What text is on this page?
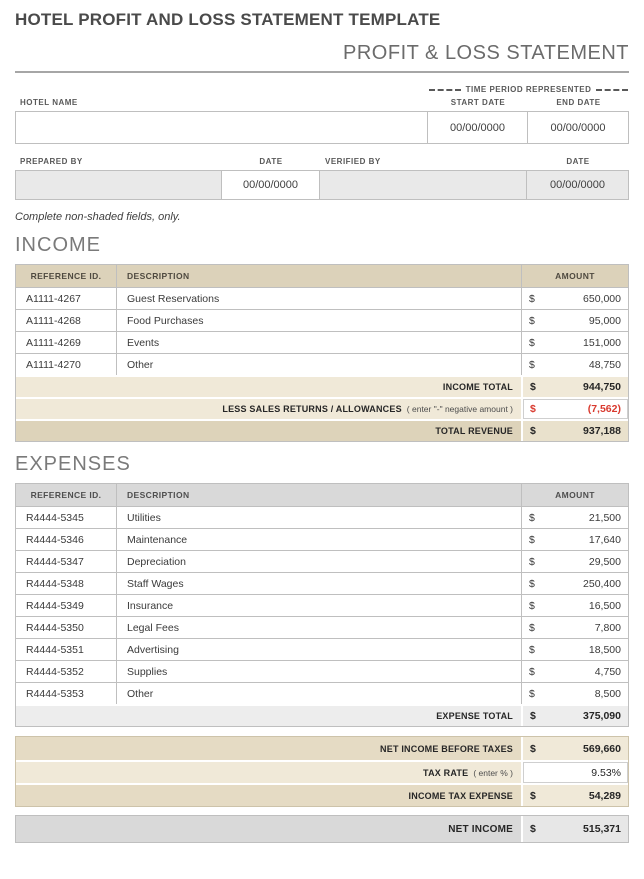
HOTEL PROFIT AND LOSS STATEMENT TEMPLATE
PROFIT & LOSS STATEMENT
HOTEL NAME
TIME PERIOD REPRESENTED
START DATE	END DATE
00/00/0000	00/00/0000
PREPARED BY	DATE	VERIFIED BY	DATE
00/00/0000	00/00/0000
Complete non-shaded fields, only.
INCOME
REFERENCE ID.	DESCRIPTION	AMOUNT
A1111-4267	Guest Reservations	$	650,000
A1111-4268	Food Purchases	$	95,000
A1111-4269	Events	$	151,000
A1111-4270	Other	$	48,750
INCOME TOTAL	$	944,750
LESS SALES RETURNS / ALLOWANCES ( enter "-" negative amount ) $	(7,562)
TOTAL REVENUE	$	937,188
EXPENSES
REFERENCE ID.	DESCRIPTION	AMOUNT
R4444-5345	Utilities	$	21,500
R4444-5346	Maintenance	$	17,640
R4444-5347	Depreciation	$	29,500
R4444-5348	Staff Wages	$	250,400
R4444-5349	Insurance	$	16,500
R4444-5350	Legal Fees	$	7,800
R4444-5351	Advertising	$	18,500
R4444-5352	Supplies	$	4,750
R4444-5353	Other	$	8,500
EXPENSE TOTAL	$	375,090
NET INCOME BEFORE TAXES	$	569,660
TAX RATE ( enter % )	9.53%
INCOME TAX EXPENSE	$	54,289
NET INCOME	$	515,371
